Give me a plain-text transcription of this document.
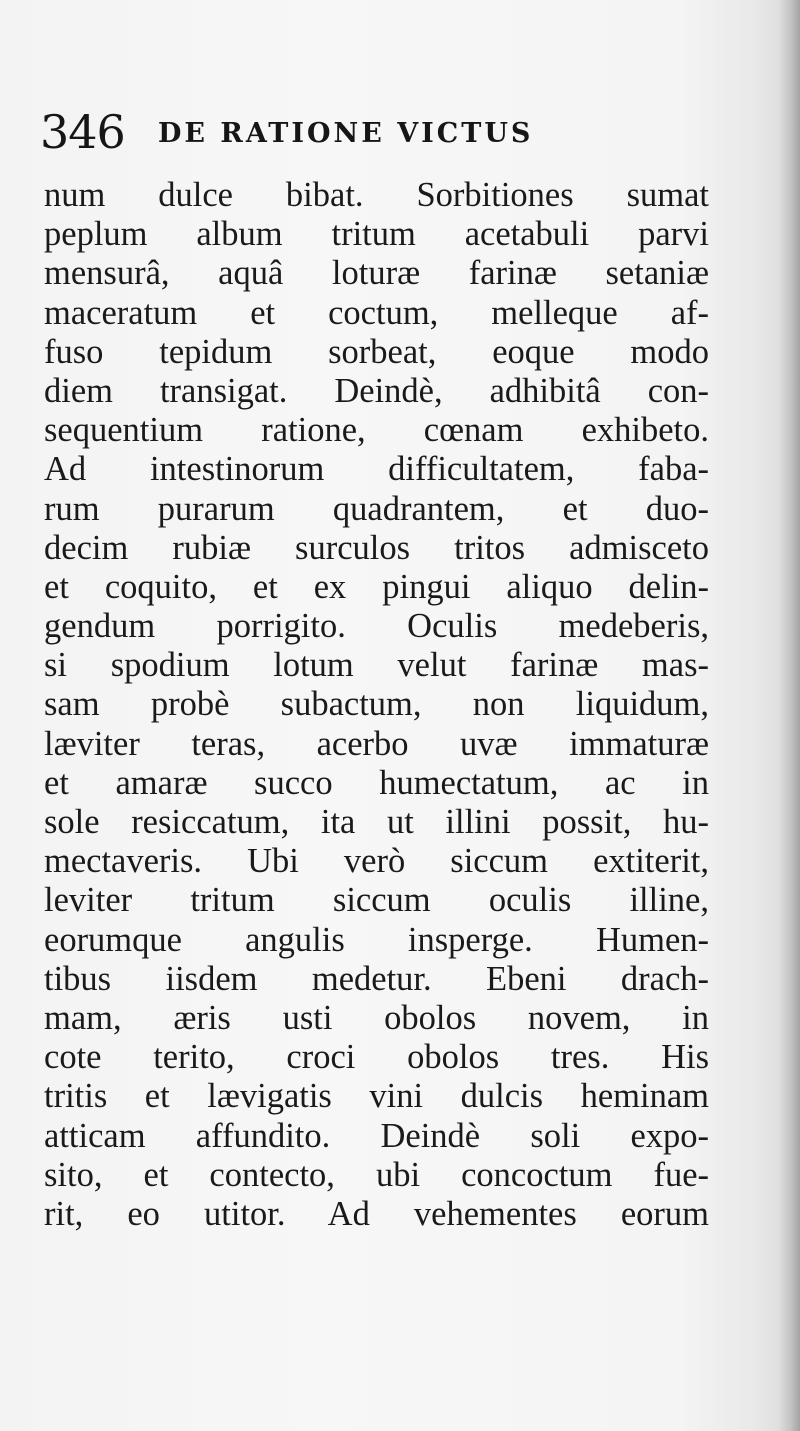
346 DE RATIONE VICTUS
num dulce bibat. Sorbitiones sumat
peplum album tritum acetabuli parvi
mensurâ, aquâ loturæ farinæ setaniæ
maceratum et coctum, melleque af-
fuso tepidum sorbeat, eoque modo
diem transigat. Deindè, adhibitâ con-
sequentium ratione, cœnam exhibeto.
Ad intestinorum difficultatem, faba-
rum purarum quadrantem, et duo-
decim rubiæ surculos tritos admisceto
et coquito, et ex pingui aliquo delin-
gendum porrigito. Oculis medeberis,
si spodium lotum velut farinæ mas-
sam probè subactum, non liquidum,
læviter teras, acerbo uvæ immaturæ
et amaræ succo humectatum, ac in
sole resiccatum, ita ut illini possit, hu-
mectaveris. Ubi verò siccum extiterit,
leviter tritum siccum oculis illine,
eorumque angulis insperge. Humen-
tibus iisdem medetur. Ebeni drach-
mam, æris usti obolos novem, in
cote terito, croci obolos tres. His
tritis et lævigatis vini dulcis heminam
atticam affundito. Deindè soli expo-
sito, et contecto, ubi concoctum fue-
rit, eo utitor. Ad vehementes eorum
